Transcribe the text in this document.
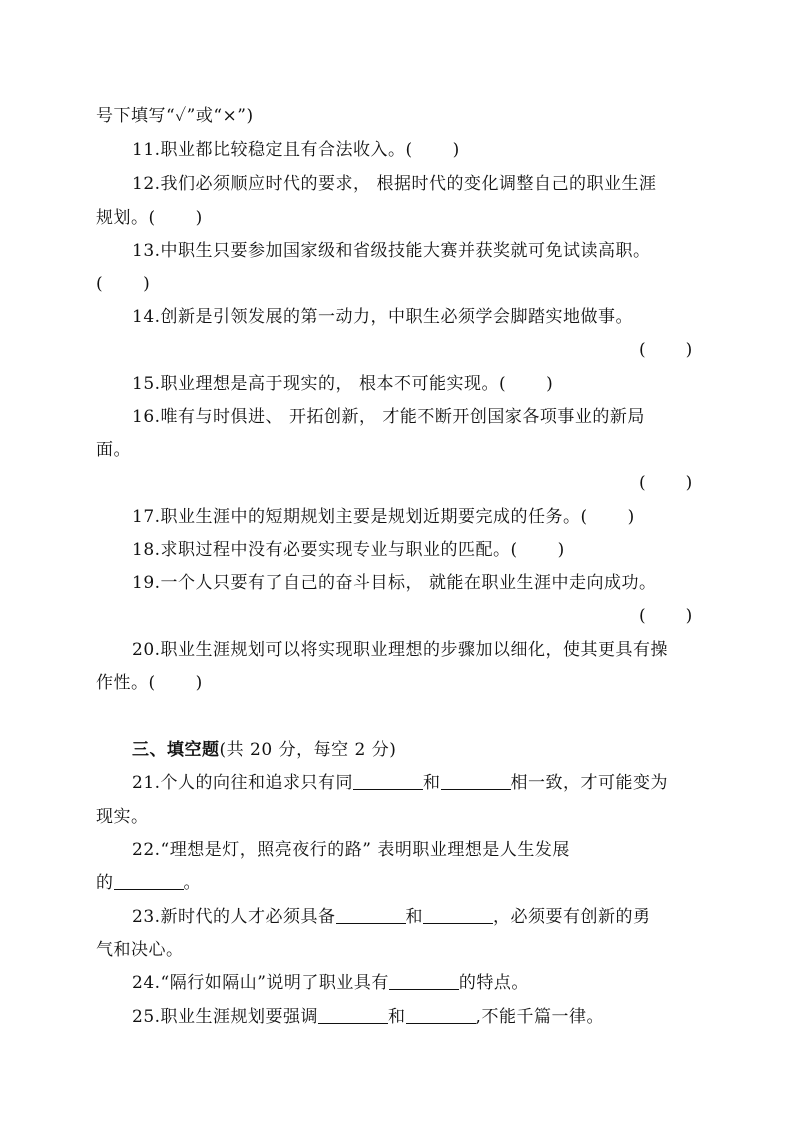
号下填写“✓”或“×”)
11.职业都比较稳定且有合法收入。( )
12.我们必须顺应时代的要求， 根据时代的变化调整自己的职业生涯
规划。( )
13.中职生只要参加国家级和省级技能大赛并获奖就可免试读高职。
( )
14.创新是引领发展的第一动力，中职生必须学会脚踏实地做事。
( )
15.职业理想是高于现实的， 根本不可能实现。( )
16.唯有与时俱进、 开拓创新， 才能不断开创国家各项事业的新局
面。
( )
17.职业生涯中的短期规划主要是规划近期要完成的任务。( )
18.求职过程中没有必要实现专业与职业的匹配。( )
19.一个人只要有了自己的奋斗目标， 就能在职业生涯中走向成功。
( )
20.职业生涯规划可以将实现职业理想的步骤加以细化，使其更具有操
作性。( )
三、填空题(共 20 分，每空 2 分)
21.个人的向往和追求只有同	和	相一致，才可能变为
现实。
22.“理想是灯，照亮夜行的路” 表明职业理想是人生发展
的	。
23.新时代的人才必须具备	和	，必须要有创新的勇
气和决心。
24.“隔行如隔山”说明了职业具有	的特点。
25.职业生涯规划要强调	和	,不能千篇一律。
